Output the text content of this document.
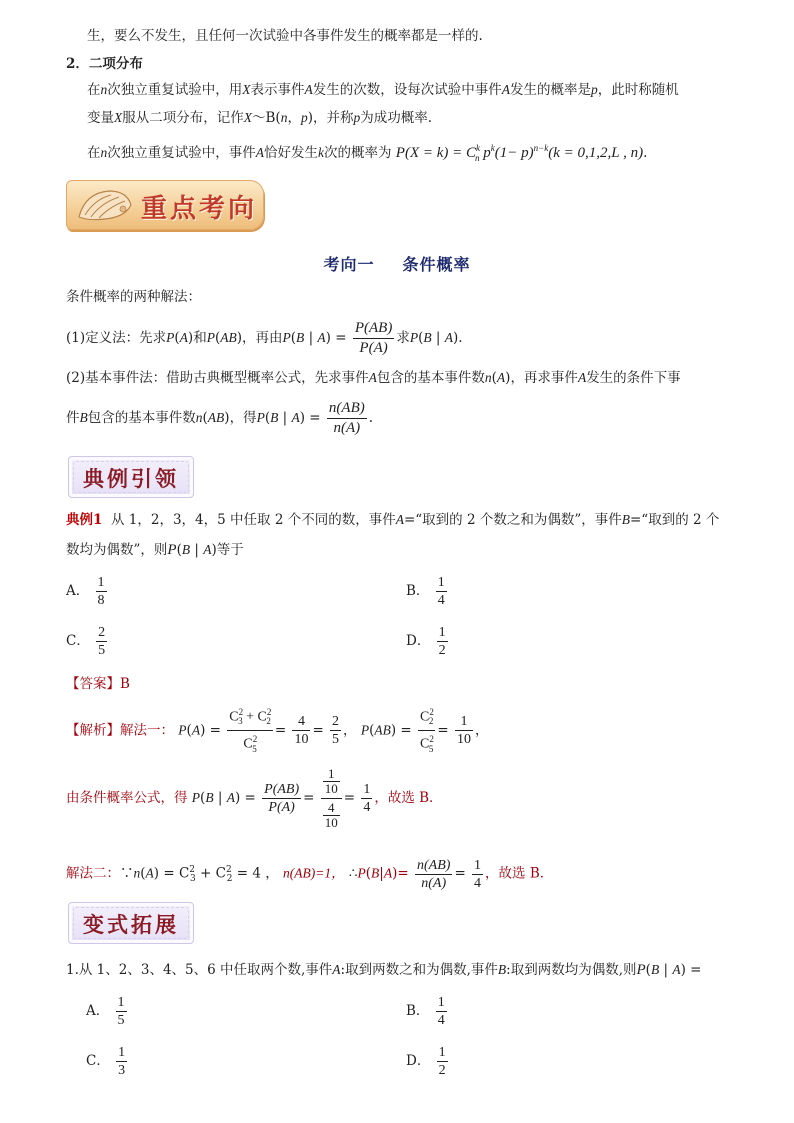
生，要么不发生，且任何一次试验中各事件发生的概率都是一样的.
2．二项分布
在n次独立重复试验中，用X表示事件A发生的次数，设每次试验中事件A发生的概率是p，此时称随机
变量X服从二项分布，记作X～B(n，p)，并称p为成功概率.
在n次独立重复试验中，事件A恰好发生k次的概率为 $P(X = k) = C^k_n$ $p^k(1- p)^{n-k}(k = 0,1,2,L$ , n).
重点考向
考向一 条件概率
条件概率的两种解法：
(1)定义法：先求P(A)和P(AB)，再由P(B | $A) = \frac{P(AB)}{P(A)}$ 求P(B | A).
(2)基本事件法：借助古典概型概率公式，先求事件A包含的基本事件数n(A)，再求事件A发生的条件下事
件B包含的基本事件数n(AB)，得P(B | $A) = \frac{n(AB)}{n(A)}$ .
典例引领
典例1 从 1，2，3，4，5 中任取 2 个不同的数，事件A=“取到的 2 个数之和为偶数”，事件B=“取到的 2 个
数均为偶数”，则P(B | A)等于
A． $\frac{1}{8}$	B． $\frac{1}{4}$
C． $\frac{2}{5}$	D． $\frac{1}{2}$
【答案】B
【解析】解法一： $P(A) = \frac{C^2_3 + C^2_2}{C^2_5} = \frac{4}{10} = \frac{2}{5}$ ， $P(AB) = \frac{C^2_2}{C^2_5} = \frac{1}{10}$ ，
由条件概率公式，得 P(B | $A) = \frac{P(AB)}{P(A)} = \frac{\frac{1}{10}}{\frac{4}{10}} = \frac{1}{4}$ ，故选 B．
解法二：∵n(A) = $C^2_3 + C^2_2 = 4$ ， n(AB)=1， ∴P(B|A)= $\frac{n(AB)}{n(A)} = \frac{1}{4}$ ，故选 B．
变式拓展
1.从 1、2、3、4、5、6 中任取两个数,事件A:取到两数之和为偶数,事件B:取到两数均为偶数,则P(B | A) =
A． $\frac{1}{5}$	B． $\frac{1}{4}$
C． $\frac{1}{3}$	D． $\frac{1}{2}$
